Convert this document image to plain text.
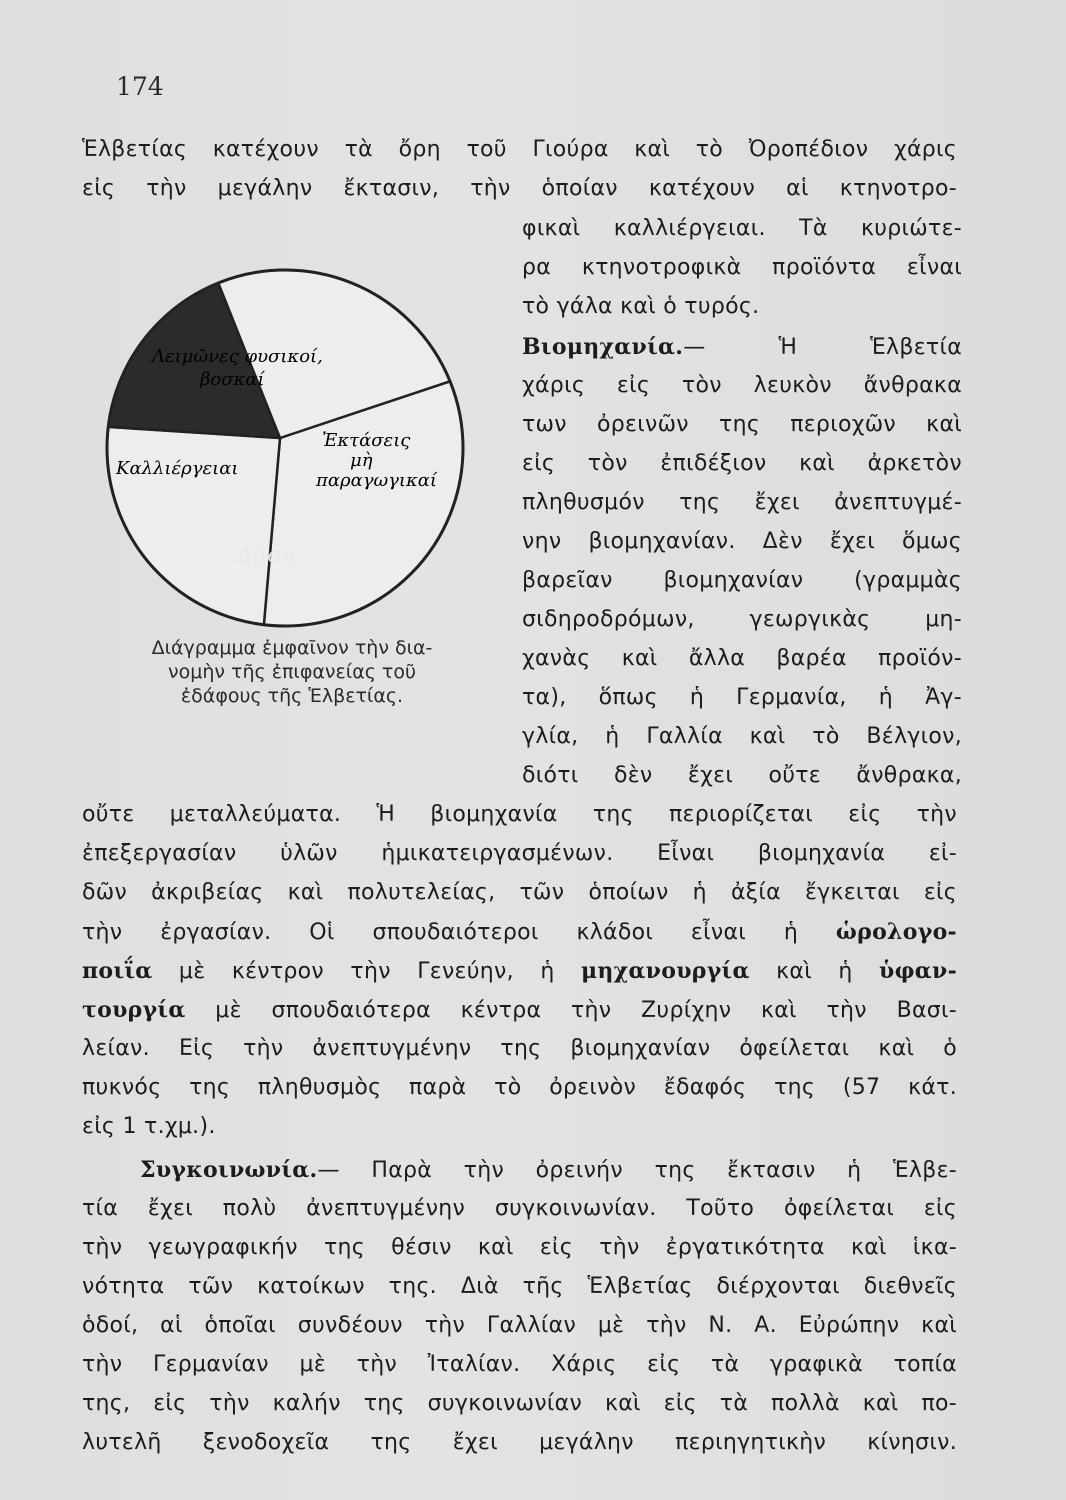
174
Ἑλβετίας κατέχουν τὰ ὄρη τοῦ Γιούρα καὶ τὸ Ὀροπέδιον χάρις
εἰς τὴν μεγάλην ἔκτασιν, τὴν ὁποίαν κατέχουν αἱ κτηνοτρο-
φικαὶ καλλιέργειαι. Τὰ κυριώτε-
ρα κτηνοτροφικὰ προϊόντα εἶναι
τὸ γάλα καὶ ὁ τυρός.
Βιομηχανία.— Ἡ Ἑλβετία
χάρις εἰς τὸν λευκὸν ἄνθρακα
των ὀρεινῶν της περιοχῶν καὶ
εἰς τὸν ἐπιδέξιον καὶ ἀρκετὸν
πληθυσμόν της ἔχει ἀνεπτυγμέ-
νην βιομηχανίαν. Δὲν ἔχει ὅμως
βαρεῖαν βιομηχανίαν (γραμμὰς
σιδηροδρόμων, γεωργικὰς μη-
χανὰς καὶ ἄλλα βαρέα προϊόν-
τα), ὅπως ἡ Γερμανία, ἡ Ἀγ-
γλία, ἡ Γαλλία καὶ τὸ Βέλγιον,
διότι δὲν ἔχει οὔτε ἄνθρακα,
οὔτε μεταλλεύματα. Ἡ βιομηχανία της περιορίζεται εἰς τὴν
ἐπεξεργασίαν ὑλῶν ἡμικατειργασμένων. Εἶναι βιομηχανία εἰ-
δῶν ἀκριβείας καὶ πολυτελείας, τῶν ὁποίων ἡ ἀξία ἔγκειται εἰς
τὴν ἐργασίαν. Οἱ σπουδαιότεροι κλάδοι εἶναι ἡ ὡρολογο-
ποιΐα μὲ κέντρον τὴν Γενεύην, ἡ μηχανουργία καὶ ἡ ὑφαν-
τουργία μὲ σπουδαιότερα κέντρα τὴν Ζυρίχην καὶ τὴν Βασι-
λείαν. Εἰς τὴν ἀνεπτυγμένην της βιομηχανίαν ὀφείλεται καὶ ὁ
πυκνός της πληθυσμὸς παρὰ τὸ ὀρεινὸν ἔδαφός της (57 κάτ.
εἰς 1 τ.χμ.).
Συγκοινωνία.— Παρὰ τὴν ὀρεινήν της ἔκτασιν ἡ Ἑλβε-
τία ἔχει πολὺ ἀνεπτυγμένην συγκοινωνίαν. Τοῦτο ὀφείλεται εἰς
τὴν γεωγραφικήν της θέσιν καὶ εἰς τὴν ἐργατικότητα καὶ ἱκα-
νότητα τῶν κατοίκων της. Διὰ τῆς Ἑλβετίας διέρχονται διεθνεῖς
ὁδοί, αἱ ὁποῖαι συνδέουν τὴν Γαλλίαν μὲ τὴν Ν. Α. Εὐρώπην καὶ
τὴν Γερμανίαν μὲ τὴν Ἰταλίαν. Χάρις εἰς τὰ γραφικὰ τοπία
της, εἰς τὴν καλήν της συγκοινωνίαν καὶ εἰς τὰ πολλὰ καὶ πο-
λυτελῆ ξενοδοχεῖα της ἔχει μεγάλην περιηγητικὴν κίνησιν.
Λειμῶνες φυσικοί,
βοσκαί
Ἐκτάσεις
μὴ
παραγωγικαί
Δάση
Καλλιέργειαι
Διάγραμμα ἐμφαῖνον τὴν δια-
νομὴν τῆς ἐπιφανείας τοῦ
ἐδάφους τῆς Ἑλβετίας.
